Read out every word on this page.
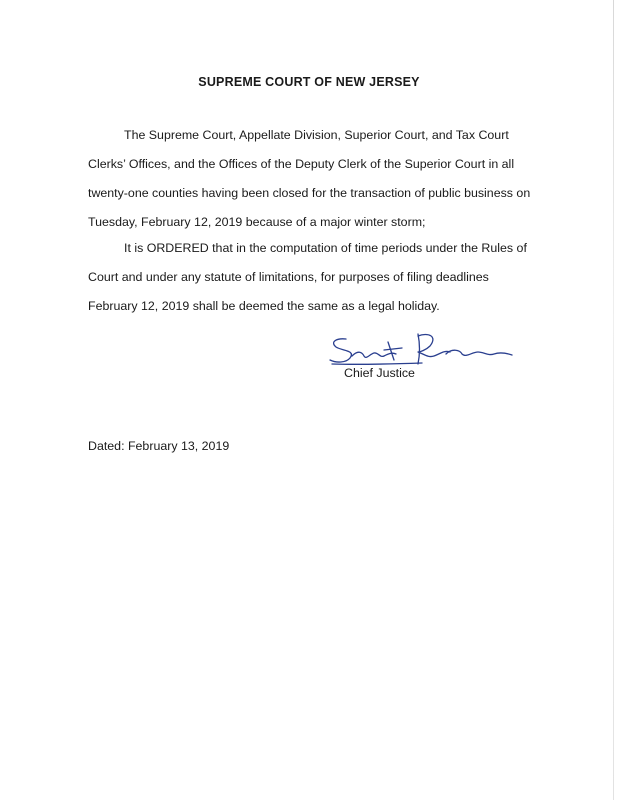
SUPREME COURT OF NEW JERSEY

The Supreme Court, Appellate Division, Superior Court, and Tax Court
Clerks’ Offices, and the Offices of the Deputy Clerk of the Superior Court in all
twenty-one counties having been closed for the transaction of public business on
Tuesday, February 12, 2019 because of a major winter storm;

It is ORDERED that in the computation of time periods under the Rules of
Court and under any statute of limitations, for purposes of filing deadlines
February 12, 2019 shall be deemed the same as a legal holiday.

Chief Justice
Dated: February 13, 2019
